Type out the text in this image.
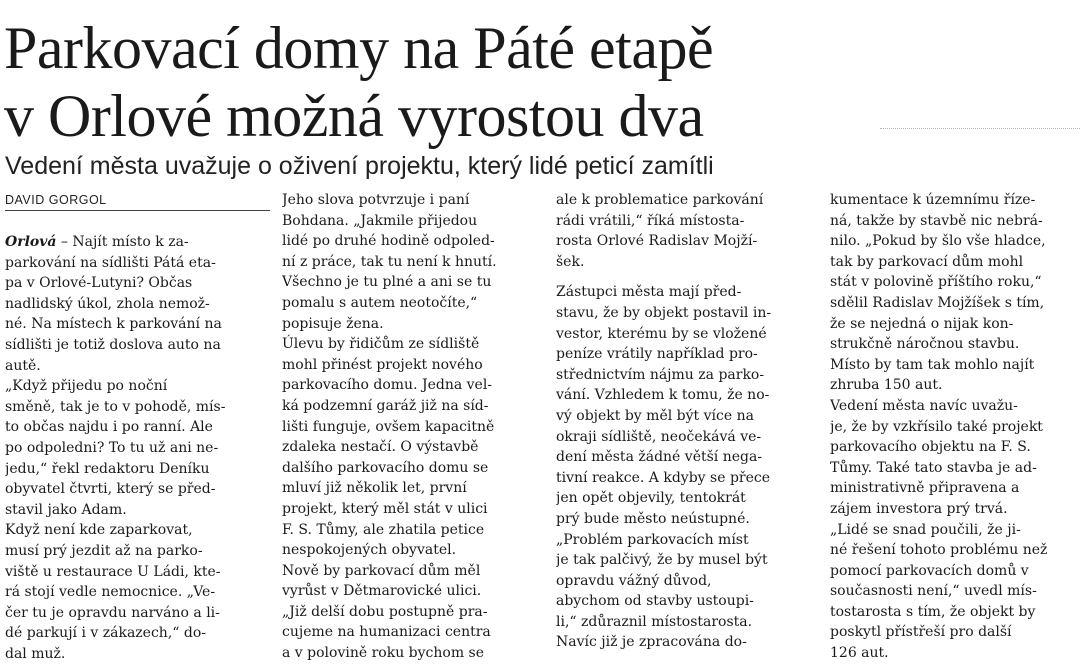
Parkovací domy na Páté etapě
v Orlové možná vyrostou dva
Vedení města uvažuje o oživení projektu, který lidé peticí zamítli
DAVID GORGOL

Orlová – Najít místo k za-
parkování na sídlišti Pátá eta-
pa v Orlové-Lutyni? Občas
nadlidský úkol, zhola nemož-
né. Na místech k parkování na
sídlišti je totiž doslova auto na
autě.

„Když přijedu po noční
směně, tak je to v pohodě, mís-
to občas najdu i po ranní. Ale
po odpoledni? To tu už ani ne-
jedu,“ řekl redaktoru Deníku
obyvatel čtvrti, který se před-
stavil jako Adam.

Když není kde zaparkovat,
musí prý jezdit až na parko-
viště u restaurace U Ládi, kte-
rá stojí vedle nemocnice. „Ve-
čer tu je opravdu narváno a li-
dé parkují i v zákazech,“ do-
dal muž.

Jeho slova potvrzuje i paní
Bohdana. „Jakmile přijedou
lidé po druhé hodině odpoled-
ní z práce, tak tu není k hnutí.
Všechno je tu plné a ani se tu
pomalu s autem neotočíte,“
popisuje žena.

Úlevu by řidičům ze sídliště
mohl přinést projekt nového
parkovacího domu. Jedna vel-
ká podzemní garáž již na síd-
lišti funguje, ovšem kapacitně
zdaleka nestačí. O výstavbě
dalšího parkovacího domu se
mluví již několik let, první
projekt, který měl stát v ulici
F. S. Tůmy, ale zhatila petice
nespokojených obyvatel.

Nově by parkovací dům měl
vyrůst v Dětmarovické ulici.
„Již delší dobu postupně pra-
cujeme na humanizaci centra
a v polovině roku bychom se

ale k problematice parkování
rádi vrátili,“ říká místosta-
rosta Orlové Radislav Mojží-
šek.

Zástupci města mají před-
stavu, že by objekt postavil in-
vestor, kterému by se vložené
peníze vrátily například pro-
střednictvím nájmu za parko-
vání. Vzhledem k tomu, že no-
vý objekt by měl být více na
okraji sídliště, neočekává ve-
dení města žádné větší nega-
tivní reakce. A kdyby se přece
jen opět objevily, tentokrát
prý bude město neústupné.

„Problém parkovacích míst
je tak palčivý, že by musel být
opravdu vážný důvod,
abychom od stavby ustoupi-
li,“ zdůraznil místostarosta.

Navíc již je zpracována do-

kumentace k územnímu říze-
ná, takže by stavbě nic nebrá-
nilo. „Pokud by šlo vše hladce,
tak by parkovací dům mohl
stát v polovině příštího roku,“
sdělil Radislav Mojžíšek s tím,
že se nejedná o nijak kon-
strukčně náročnou stavbu.
Místo by tam tak mohlo najít
zhruba 150 aut.

Vedení města navíc uvažu-
je, že by vzkřísilo také projekt
parkovacího objektu na F. S.
Tůmy. Také tato stavba je ad-
ministrativně připravena a
zájem investora prý trvá.

„Lidé se snad poučili, že ji-
né řešení tohoto problému než
pomocí parkovacích domů v
současnosti není,“ uvedl mís-
tostarosta s tím, že objekt by
poskytl přístřeší pro další
126 aut.
